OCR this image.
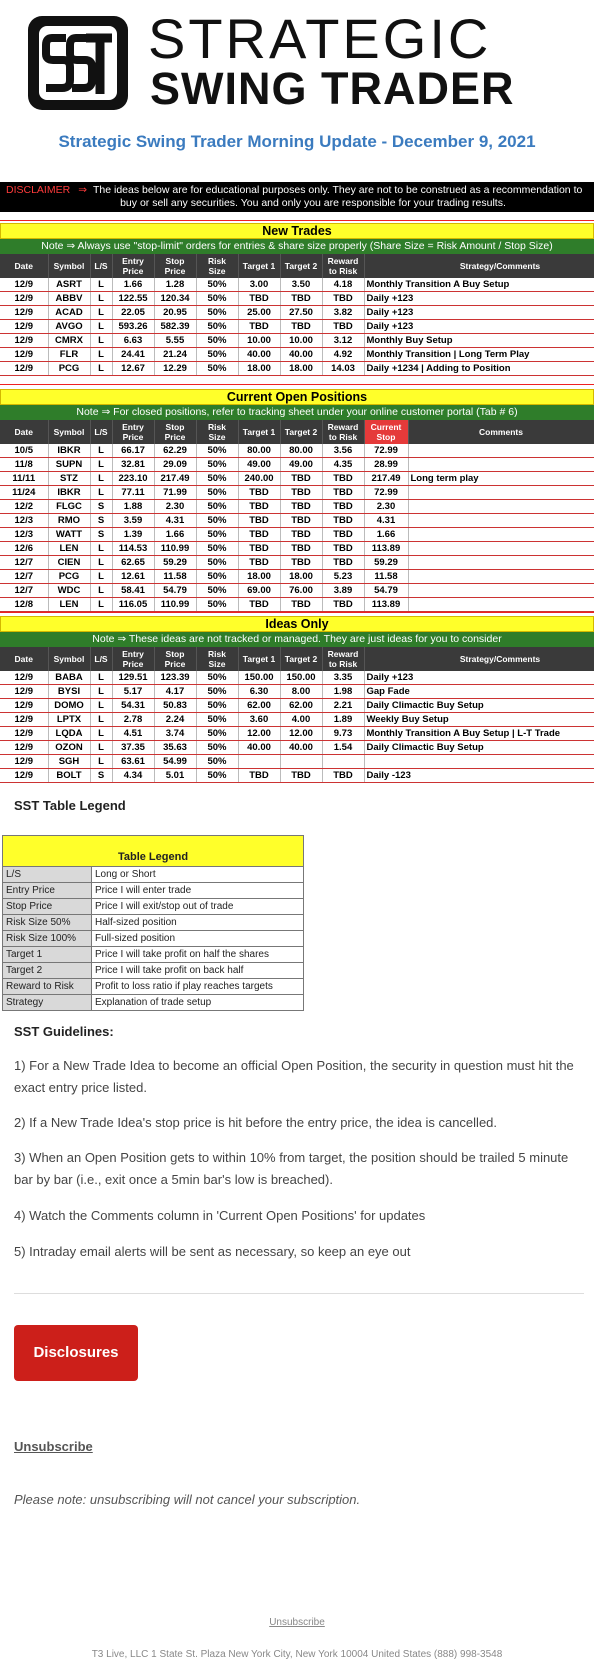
STRATEGIC
SWING TRADER
Strategic Swing Trader Morning Update - December 9, 2021
DISCLAIMER ⇒ The ideas below are for educational purposes only. They are not to be construed as a recommendation to
buy or sell any securities. You and only you are responsible for your trading results.
New Trades
Note ⇒ Always use "stop-limit" orders for entries & share size properly (Share Size = Risk Amount / Stop Size)
Date	Symbol	L/S	Entry Price	Stop Price	Risk Size	Target 1	Target 2	Reward to Risk	Strategy/Comments
12/9	ASRT	L	1.66	1.28	50%	3.00	3.50	4.18	Monthly Transition A Buy Setup
12/9	ABBV	L	122.55	120.34	50%	TBD	TBD	TBD	Daily +123
12/9	ACAD	L	22.05	20.95	50%	25.00	27.50	3.82	Daily +123
12/9	AVGO	L	593.26	582.39	50%	TBD	TBD	TBD	Daily +123
12/9	CMRX	L	6.63	5.55	50%	10.00	10.00	3.12	Monthly Buy Setup
12/9	FLR	L	24.41	21.24	50%	40.00	40.00	4.92	Monthly Transition | Long Term Play
12/9	PCG	L	12.67	12.29	50%	18.00	18.00	14.03	Daily +1234 | Adding to Position
Current Open Positions
Note ⇒ For closed positions, refer to tracking sheet under your online customer portal (Tab # 6)
Date	Symbol	L/S	Entry Price	Stop Price	Risk Size	Target 1	Target 2	Reward to Risk	Current Stop	Comments
10/5	IBKR	L	66.17	62.29	50%	80.00	80.00	3.56	72.99	
11/8	SUPN	L	32.81	29.09	50%	49.00	49.00	4.35	28.99	
11/11	STZ	L	223.10	217.49	50%	240.00	TBD	TBD	217.49	Long term play
11/24	IBKR	L	77.11	71.99	50%	TBD	TBD	TBD	72.99	
12/2	FLGC	S	1.88	2.30	50%	TBD	TBD	TBD	2.30	
12/3	RMO	S	3.59	4.31	50%	TBD	TBD	TBD	4.31	
12/3	WATT	S	1.39	1.66	50%	TBD	TBD	TBD	1.66	
12/6	LEN	L	114.53	110.99	50%	TBD	TBD	TBD	113.89	
12/7	CIEN	L	62.65	59.29	50%	TBD	TBD	TBD	59.29	
12/7	PCG	L	12.61	11.58	50%	18.00	18.00	5.23	11.58	
12/7	WDC	L	58.41	54.79	50%	69.00	76.00	3.89	54.79	
12/8	LEN	L	116.05	110.99	50%	TBD	TBD	TBD	113.89	
Ideas Only
Note ⇒ These ideas are not tracked or managed. They are just ideas for you to consider
Date	Symbol	L/S	Entry Price	Stop Price	Risk Size	Target 1	Target 2	Reward to Risk	Strategy/Comments
12/9	BABA	L	129.51	123.39	50%	150.00	150.00	3.35	Daily +123
12/9	BYSI	L	5.17	4.17	50%	6.30	8.00	1.98	Gap Fade
12/9	DOMO	L	54.31	50.83	50%	62.00	62.00	2.21	Daily Climactic Buy Setup
12/9	LPTX	L	2.78	2.24	50%	3.60	4.00	1.89	Weekly Buy Setup
12/9	LQDA	L	4.51	3.74	50%	12.00	12.00	9.73	Monthly Transition A Buy Setup | L-T Trade
12/9	OZON	L	37.35	35.63	50%	40.00	40.00	1.54	Daily Climactic Buy Setup
12/9	SGH	L	63.61	54.99	50%				
12/9	BOLT	S	4.34	5.01	50%	TBD	TBD	TBD	Daily -123
SST Table Legend
Table Legend
L/S	Long or Short
Entry Price	Price I will enter trade
Stop Price	Price I will exit/stop out of trade
Risk Size 50%	Half-sized position
Risk Size 100%	Full-sized position
Target 1	Price I will take profit on half the shares
Target 2	Price I will take profit on back half
Reward to Risk	Profit to loss ratio if play reaches targets
Strategy	Explanation of trade setup
SST Guidelines:
1) For a New Trade Idea to become an official Open Position, the security in question must hit the exact entry price listed.
2) If a New Trade Idea's stop price is hit before the entry price, the idea is cancelled.
3) When an Open Position gets to within 10% from target, the position should be trailed 5 minute bar by bar (i.e., exit once a 5min bar's low is breached).
4) Watch the Comments column in 'Current Open Positions' for updates
5) Intraday email alerts will be sent as necessary, so keep an eye out
Disclosures
Unsubscribe
Please note: unsubscribing will not cancel your subscription.
Unsubscribe
T3 Live, LLC 1 State St. Plaza New York City, New York 10004 United States (888) 998-3548
